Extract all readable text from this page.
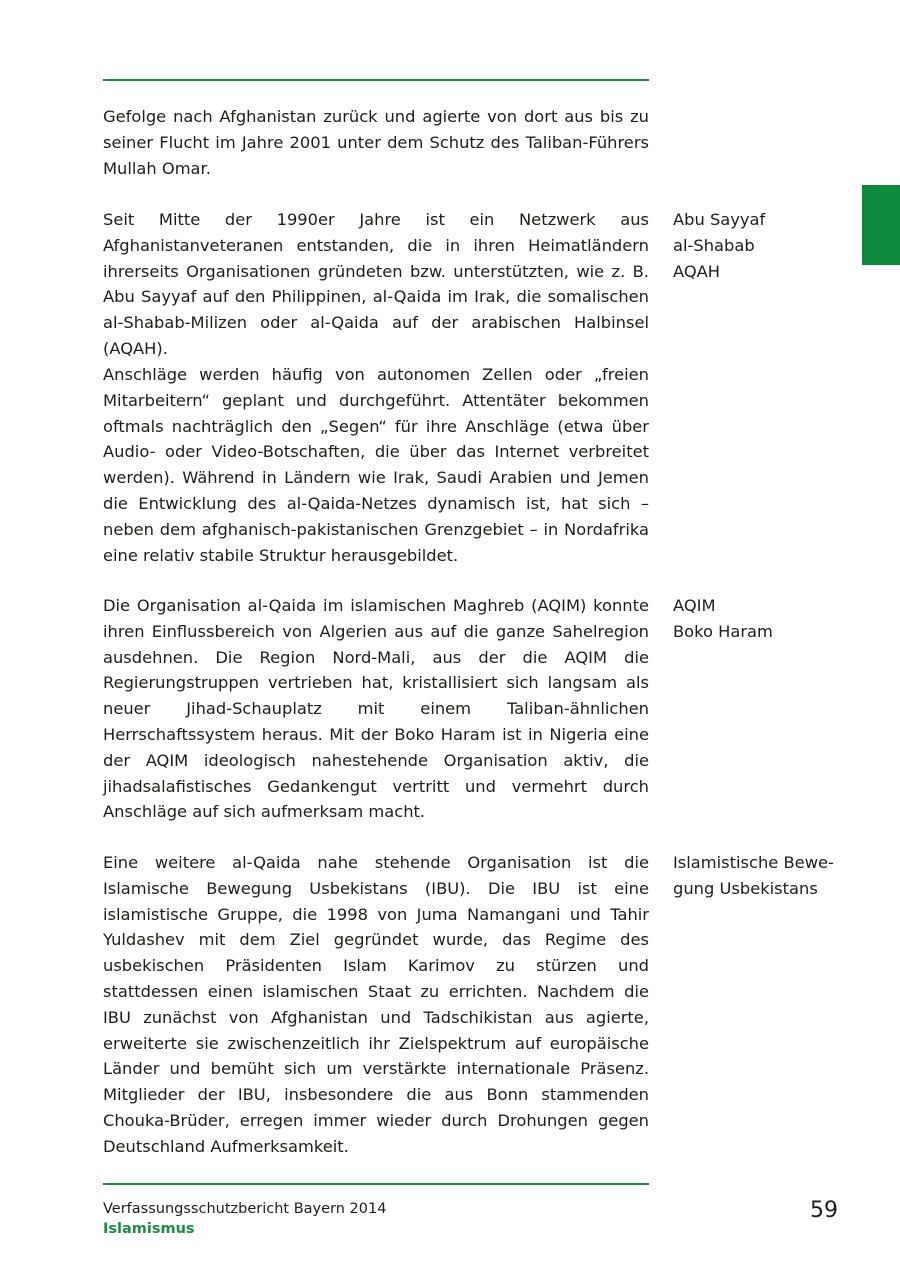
Gefolge nach Afghanistan zurück und agierte von dort aus bis zu seiner Flucht im Jahre 2001 unter dem Schutz des Taliban-Führers Mullah Omar.

Seit Mitte der 1990er Jahre ist ein Netzwerk aus Afghanistanveteranen entstanden, die in ihren Heimatländern ihrerseits Organisationen gründeten bzw. unterstützten, wie z. B. Abu Sayyaf auf den Philippinen, al-Qaida im Irak, die somalischen al-Shabab-Milizen oder al-Qaida auf der arabischen Halbinsel (AQAH).

Anschläge werden häufig von autonomen Zellen oder „freien Mitarbeitern“ geplant und durchgeführt. Attentäter bekommen oftmals nachträglich den „Segen“ für ihre Anschläge (etwa über Audio- oder Video-Botschaften, die über das Internet verbreitet werden). Während in Ländern wie Irak, Saudi Arabien und Jemen die Entwicklung des al-Qaida-Netzes dynamisch ist, hat sich – neben dem afghanisch-pakistanischen Grenzgebiet – in Nordafrika eine relativ stabile Struktur herausgebildet.

Die Organisation al-Qaida im islamischen Maghreb (AQIM) konnte ihren Einflussbereich von Algerien aus auf die ganze Sahelregion ausdehnen. Die Region Nord-Mali, aus der die AQIM die Regierungstruppen vertrieben hat, kristallisiert sich langsam als neuer Jihad-Schauplatz mit einem Taliban-ähnlichen Herrschaftssystem heraus. Mit der Boko Haram ist in Nigeria eine der AQIM ideologisch nahestehende Organisation aktiv, die jihadsalafistisches Gedankengut vertritt und vermehrt durch Anschläge auf sich aufmerksam macht.

Eine weitere al-Qaida nahe stehende Organisation ist die Islamische Bewegung Usbekistans (IBU). Die IBU ist eine islamistische Gruppe, die 1998 von Juma Namangani und Tahir Yuldashev mit dem Ziel gegründet wurde, das Regime des usbekischen Präsidenten Islam Karimov zu stürzen und stattdessen einen islamischen Staat zu errichten. Nachdem die IBU zunächst von Afghanistan und Tadschikistan aus agierte, erweiterte sie zwischenzeitlich ihr Zielspektrum auf europäische Länder und bemüht sich um verstärkte internationale Präsenz. Mitglieder der IBU, insbesondere die aus Bonn stammenden Chouka-Brüder, erregen immer wieder durch Drohungen gegen Deutschland Aufmerksamkeit.

Abu Sayyaf
al-Shabab
AQAH
AQIM
Boko Haram
Islamistische Bewe-
gung Usbekistans
Verfassungsschutzbericht Bayern 2014
Islamismus
59
